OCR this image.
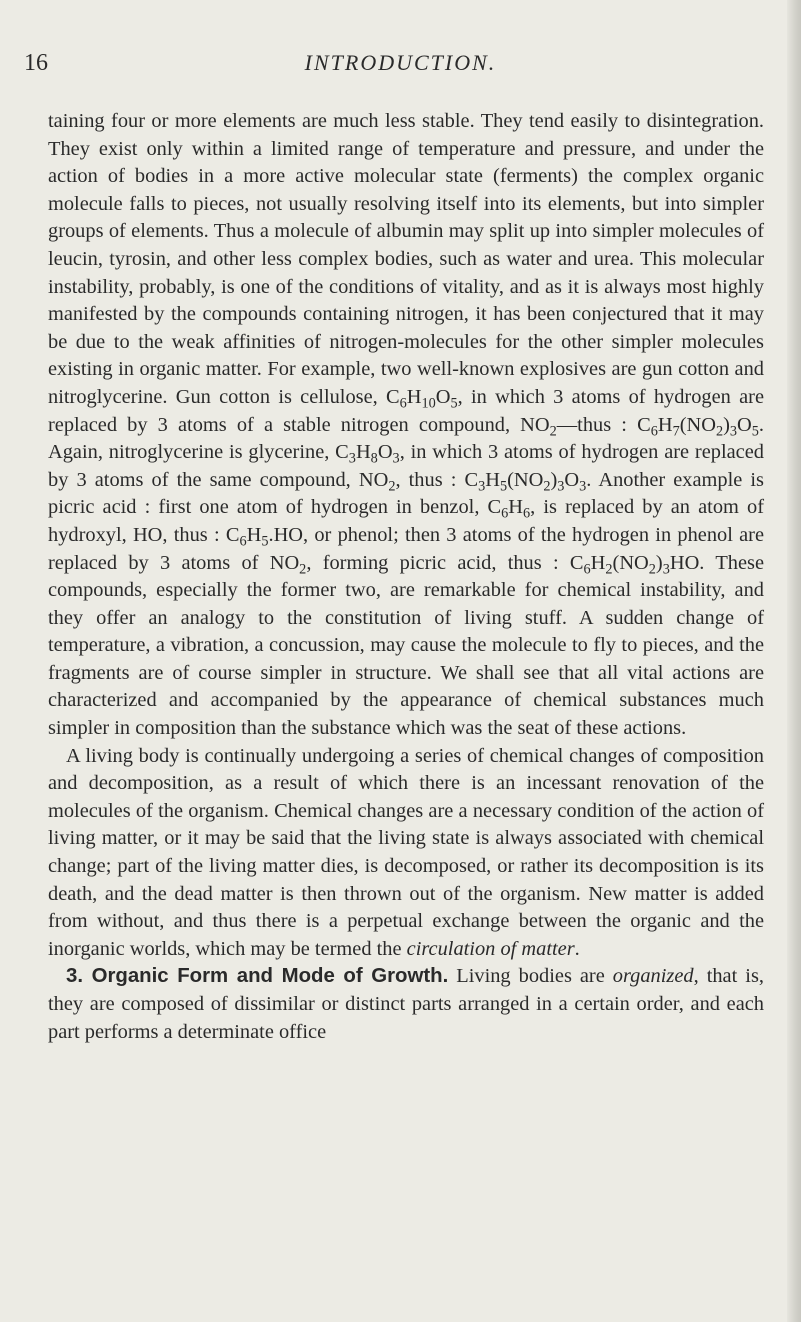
16	INTRODUCTION.

taining four or more elements are much less stable. They tend easily to disintegration. They exist only within a limited range of temperature and pressure, and under the action of bodies in a more active molecular state (ferments) the complex organic molecule falls to pieces, not usually resolving itself into its elements, but into simpler groups of elements. Thus a molecule of albumin may split up into simpler molecules of leucin, tyrosin, and other less complex bodies, such as water and urea. This molecular instability, probably, is one of the conditions of vitality, and as it is always most highly manifested by the compounds containing nitrogen, it has been conjectured that it may be due to the weak affinities of nitrogen-molecules for the other simpler molecules existing in organic matter. For example, two well-known explosives are gun cotton and nitroglycerine. Gun cotton is cellulose, $C_6H_{10}O_5$, in which 3 atoms of hydrogen are replaced by 3 atoms of a stable nitrogen compound, $NO_2—thus$ : $C_6H_7(NO_2)_3O_5$. Again, nitroglycerine is glycerine, $C_3H_8O_3$, in which 3 atoms of hydrogen are replaced by 3 atoms of the same compound, $NO_2$, thus : $C_3H_5(NO_2)_3O_3$. Another example is picric acid : first one atom of hydrogen in benzol, $C_6H_6$, is replaced by an atom of hydroxyl, HO, thus : $C_6H_5.HO$, or phenol; then 3 atoms of the hydrogen in phenol are replaced by 3 atoms of $NO_2$, forming picric acid, thus : $C_6H_2(NO_2)_3HO$. These compounds, especially the former two, are remarkable for chemical instability, and they offer an analogy to the constitution of living stuff. A sudden change of temperature, a vibration, a concussion, may cause the molecule to fly to pieces, and the fragments are of course simpler in structure. We shall see that all vital actions are characterized and accompanied by the appearance of chemical substances much simpler in composition than the substance which was the seat of these actions.

A living body is continually undergoing a series of chemical changes of composition and decomposition, as a result of which there is an incessant renovation of the molecules of the organism. Chemical changes are a necessary condition of the action of living matter, or it may be said that the living state is always associated with chemical change; part of the living matter dies, is decomposed, or rather its decomposition is its death, and the dead matter is then thrown out of the organism. New matter is added from without, and thus there is a perpetual exchange between the organic and the inorganic worlds, which may be termed the circulation of matter.

3. Organic Form and Mode of Growth. Living bodies are organized, that is, they are composed of dissimilar or distinct parts arranged in a certain order, and each part performs a determinate office
